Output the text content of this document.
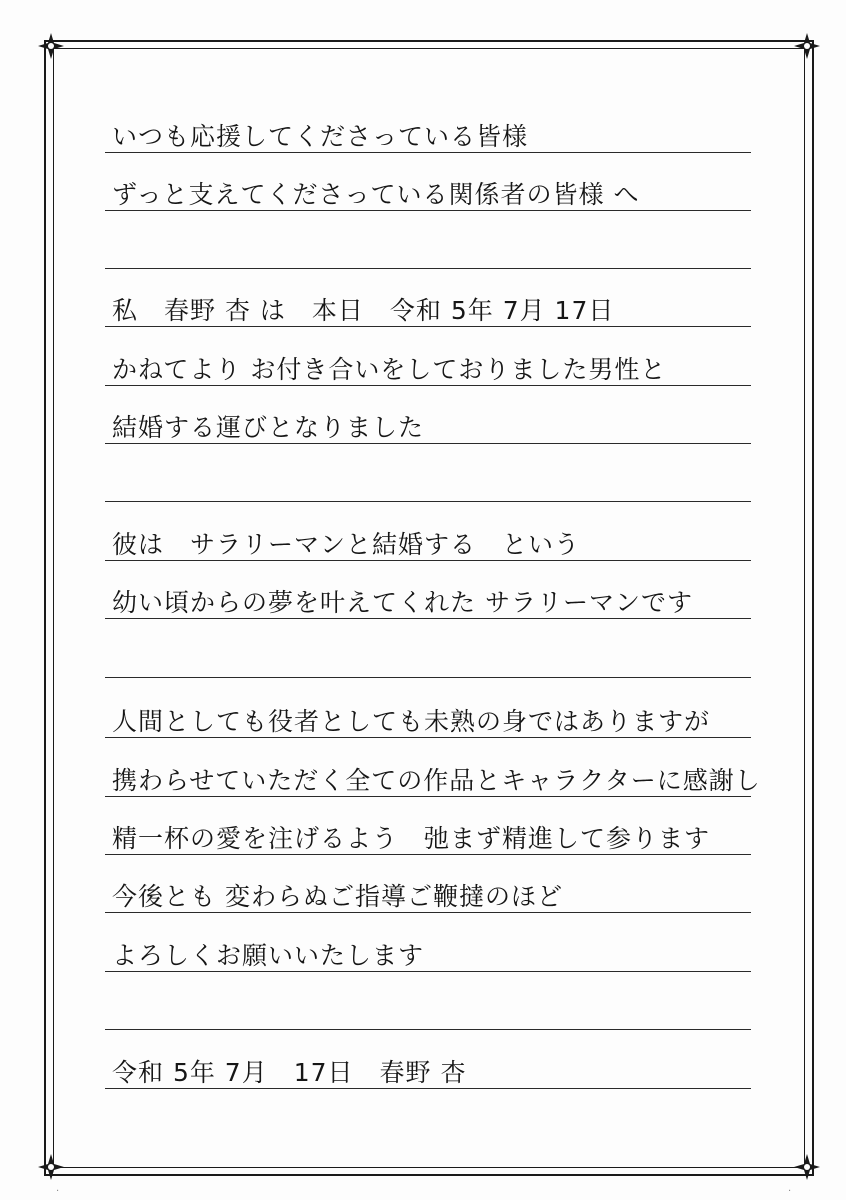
いつも応援してくださっている皆様
ずっと支えてくださっている関係者の皆様 へ
私　春野 杏 は　本日　令和 5年 7月 17日
かねてより お付き合いをしておりました男性と
結婚する運びとなりました
彼は　サラリーマンと結婚する　という
幼い頃からの夢を叶えてくれた サラリーマンです
人間としても役者としても未熟の身ではありますが
携わらせていただく全ての作品とキャラクターに感謝し
精一杯の愛を注げるよう　弛まず精進して参ります
今後とも 変わらぬご指導ご鞭撻のほど
よろしくお願いいたします
令和 5年 7月　17日　春野 杏
·	·
